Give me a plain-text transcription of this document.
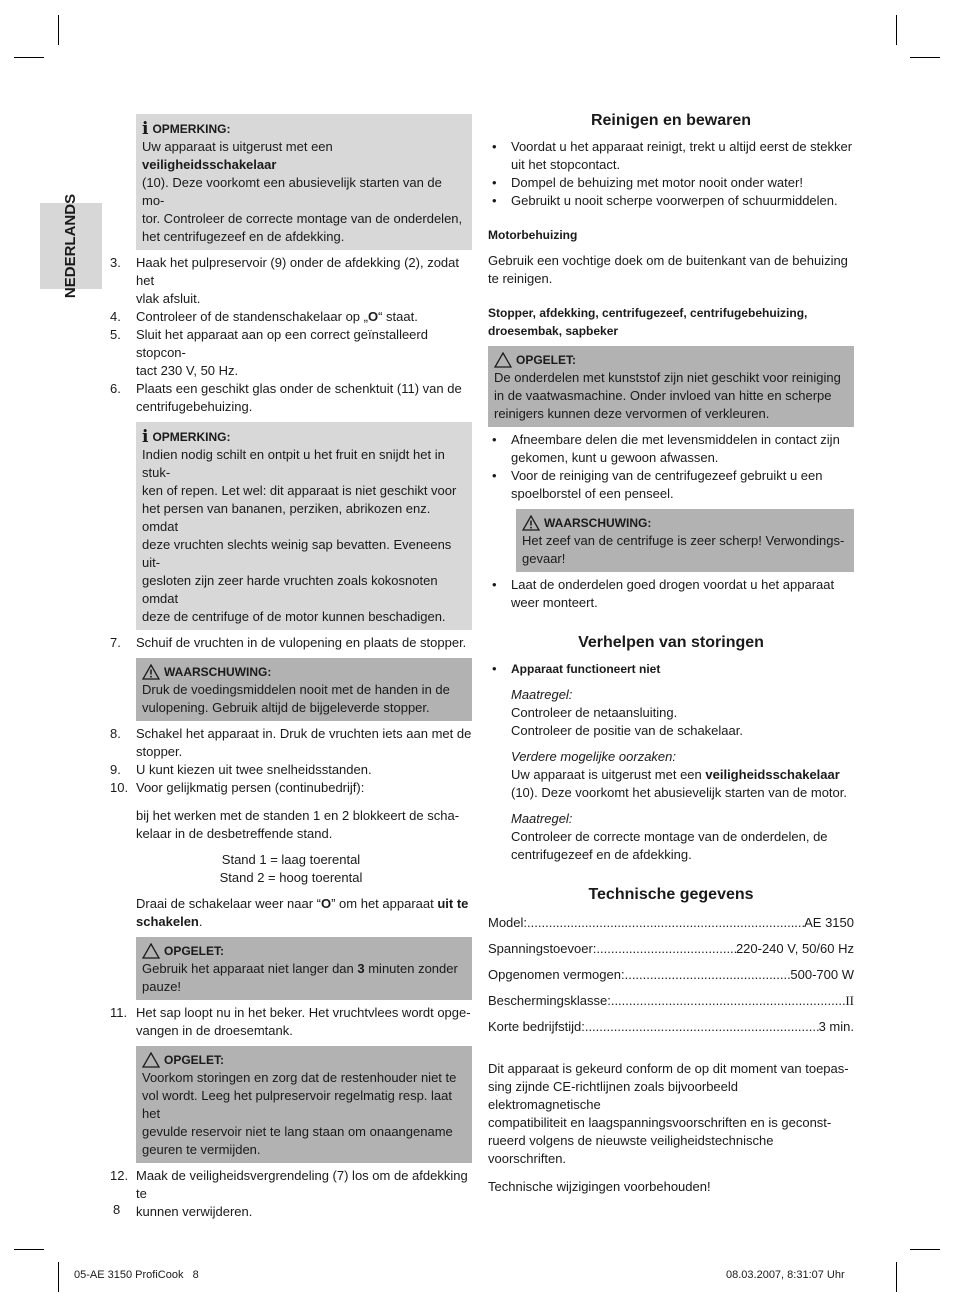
NEDERLANDS
i OPMERKING:
Uw apparaat is uitgerust met een veiligheidsschakelaar
(10). Deze voorkomt een abusievelijk starten van de mo-
tor. Controleer de correcte montage van de onderdelen,
het centrifugezeef en de afdekking.
3.	Haak het pulpreservoir (9) onder de afdekking (2), zodat het
vlak afsluit.
4.	Controleer of de standenschakelaar op „O“ staat.
5.	Sluit het apparaat aan op een correct geïnstalleerd stopcon-
tact 230 V, 50 Hz.
6.	Plaats een geschikt glas onder de schenktuit (11) van de
centrifugebehuizing.
i OPMERKING:
Indien nodig schilt en ontpit u het fruit en snijdt het in stuk-
ken of repen. Let wel: dit apparaat is niet geschikt voor
het persen van bananen, perziken, abrikozen enz. omdat
deze vruchten slechts weinig sap bevatten. Eveneens uit-
gesloten zijn zeer harde vruchten zoals kokosnoten omdat
deze de centrifuge of de motor kunnen beschadigen.
7.	Schuif de vruchten in de vulopening en plaats de stopper.
WAARSCHUWING:
Druk de voedingsmiddelen nooit met de handen in de
vulopening. Gebruik altijd de bijgeleverde stopper.
8.	Schakel het apparaat in. Druk de vruchten iets aan met de
stopper.
9.	U kunt kiezen uit twee snelheidsstanden.
10. Voor gelijkmatig persen (continubedrijf):
bij het werken met de standen 1 en 2 blokkeert de scha-
kelaar in de desbetreffende stand.
Stand 1 = laag toerental
Stand 2 = hoog toerental
Draai de schakelaar weer naar “O” om het apparaat uit te
schakelen.
OPGELET:
Gebruik het apparaat niet langer dan 3 minuten zonder
pauze!
11. Het sap loopt nu in het beker. Het vruchtvlees wordt opge-
vangen in de droesemtank.
OPGELET:
Voorkom storingen en zorg dat de restenhouder niet te
vol wordt. Leeg het pulpreservoir regelmatig resp. laat het
gevulde reservoir niet te lang staan om onaangename
geuren te vermijden.
12. Maak de veiligheidsvergrendeling (7) los om de afdekking te
kunnen verwijderen.
Reinigen en bewaren
•	Voordat u het apparaat reinigt, trekt u altijd eerst de stekker
uit het stopcontact.
•	Dompel de behuizing met motor nooit onder water!
•	Gebruikt u nooit scherpe voorwerpen of schuurmiddelen.
Motorbehuizing
Gebruik een vochtige doek om de buitenkant van de behuizing
te reinigen.
Stopper, afdekking, centrifugezeef, centrifugebehuizing,
droesembak, sapbeker
OPGELET:
De onderdelen met kunststof zijn niet geschikt voor reiniging
in de vaatwasmachine. Onder invloed van hitte en scherpe
reinigers kunnen deze vervormen of verkleuren.
•	Afneembare delen die met levensmiddelen in contact zijn
gekomen, kunt u gewoon afwassen.
•	Voor de reiniging van de centrifugezeef gebruikt u een
spoelborstel of een penseel.
WAARSCHUWING:
Het zeef van de centrifuge is zeer scherp! Verwondings-
gevaar!
•	Laat de onderdelen goed drogen voordat u het apparaat
weer monteert.
Verhelpen van storingen
•	Apparaat functioneert niet
Maatregel:
Controleer de netaansluiting.
Controleer de positie van de schakelaar.
Verdere mogelijke oorzaken:
Uw apparaat is uitgerust met een veiligheidsschakelaar
(10). Deze voorkomt het abusievelijk starten van de motor.
Maatregel:
Controleer de correcte montage van de onderdelen, de
centrifugezeef en de afdekking.
Technische gegevens
Model: .....	AE 3150
Spanningstoevoer: .....	220-240 V, 50/60 Hz
Opgenomen vermogen: .....	500-700 W
Beschermingsklasse: .....	II
Korte bedrijfstijd: .....	3 min.
Dit apparaat is gekeurd conform de op dit moment van toepas-
sing zijnde CE-richtlijnen zoals bijvoorbeeld elektromagnetische
compatibiliteit en laagspanningsvoorschriften en is geconst-
rueerd volgens de nieuwste veiligheidstechnische voorschriften.
Technische wijzigingen voorbehouden!
8
05-AE 3150 ProfiCook   8	08.03.2007, 8:31:07 Uhr
